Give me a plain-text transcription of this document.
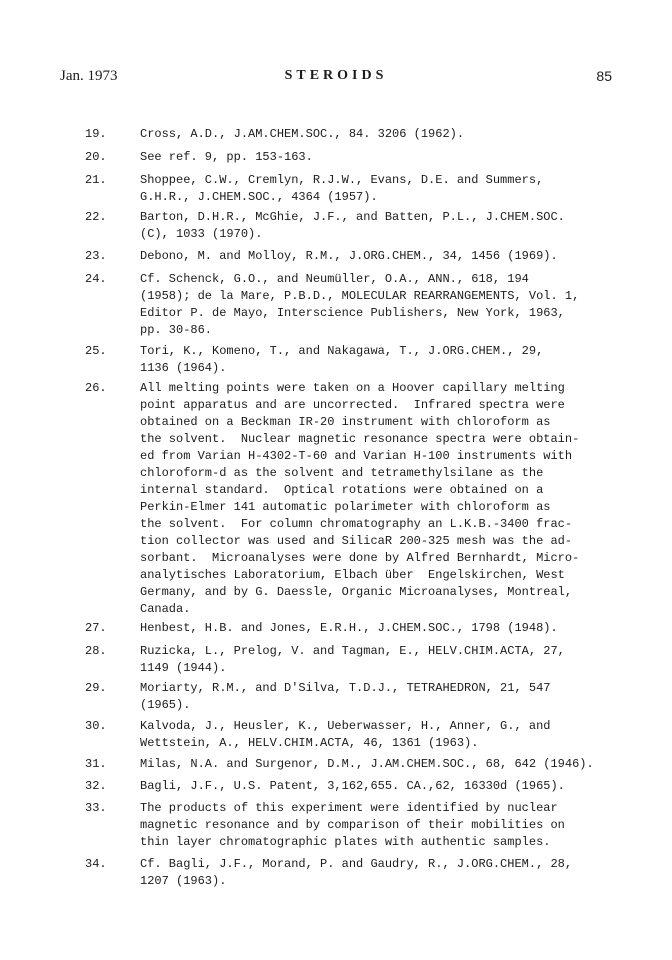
Jan. 1973	STEROIDS	85
19.	Cross, A.D., J.AM.CHEM.SOC., 84. 3206 (1962).
20.	See ref. 9, pp. 153-163.
21.	Shoppee, C.W., Cremlyn, R.J.W., Evans, D.E. and Summers,
G.H.R., J.CHEM.SOC., 4364 (1957).
22.	Barton, D.H.R., McGhie, J.F., and Batten, P.L., J.CHEM.SOC.
(C), 1033 (1970).
23.	Debono, M. and Molloy, R.M., J.ORG.CHEM., 34, 1456 (1969).
24.	Cf. Schenck, G.O., and Neumüller, O.A., ANN., 618, 194
(1958); de la Mare, P.B.D., MOLECULAR REARRANGEMENTS, Vol. 1,
Editor P. de Mayo, Interscience Publishers, New York, 1963,
pp. 30-86.
25.	Tori, K., Komeno, T., and Nakagawa, T., J.ORG.CHEM., 29,
1136 (1964).
26.	All melting points were taken on a Hoover capillary melting
point apparatus and are uncorrected.  Infrared spectra were
obtained on a Beckman IR-20 instrument with chloroform as
the solvent.  Nuclear magnetic resonance spectra were obtain-
ed from Varian H-4302-T-60 and Varian H-100 instruments with
chloroform-d as the solvent and tetramethylsilane as the
internal standard.  Optical rotations were obtained on a
Perkin-Elmer 141 automatic polarimeter with chloroform as
the solvent.  For column chromatography an L.K.B.-3400 frac-
tion collector was used and SilicaR 200-325 mesh was the ad-
sorbant.  Microanalyses were done by Alfred Bernhardt, Micro-
analytisches Laboratorium, Elbach über  Engelskirchen, West
Germany, and by G. Daessle, Organic Microanalyses, Montreal,
Canada.
27.	Henbest, H.B. and Jones, E.R.H., J.CHEM.SOC., 1798 (1948).
28.	Ruzicka, L., Prelog, V. and Tagman, E., HELV.CHIM.ACTA, 27,
1149 (1944).
29.	Moriarty, R.M., and D'Silva, T.D.J., TETRAHEDRON, 21, 547
(1965).
30.	Kalvoda, J., Heusler, K., Ueberwasser, H., Anner, G., and
Wettstein, A., HELV.CHIM.ACTA, 46, 1361 (1963).
31.	Milas, N.A. and Surgenor, D.M., J.AM.CHEM.SOC., 68, 642 (1946).
32.	Bagli, J.F., U.S. Patent, 3,162,655. CA.,62, 16330d (1965).
33.	The products of this experiment were identified by nuclear
magnetic resonance and by comparison of their mobilities on
thin layer chromatographic plates with authentic samples.
34.	Cf. Bagli, J.F., Morand, P. and Gaudry, R., J.ORG.CHEM., 28,
1207 (1963).
